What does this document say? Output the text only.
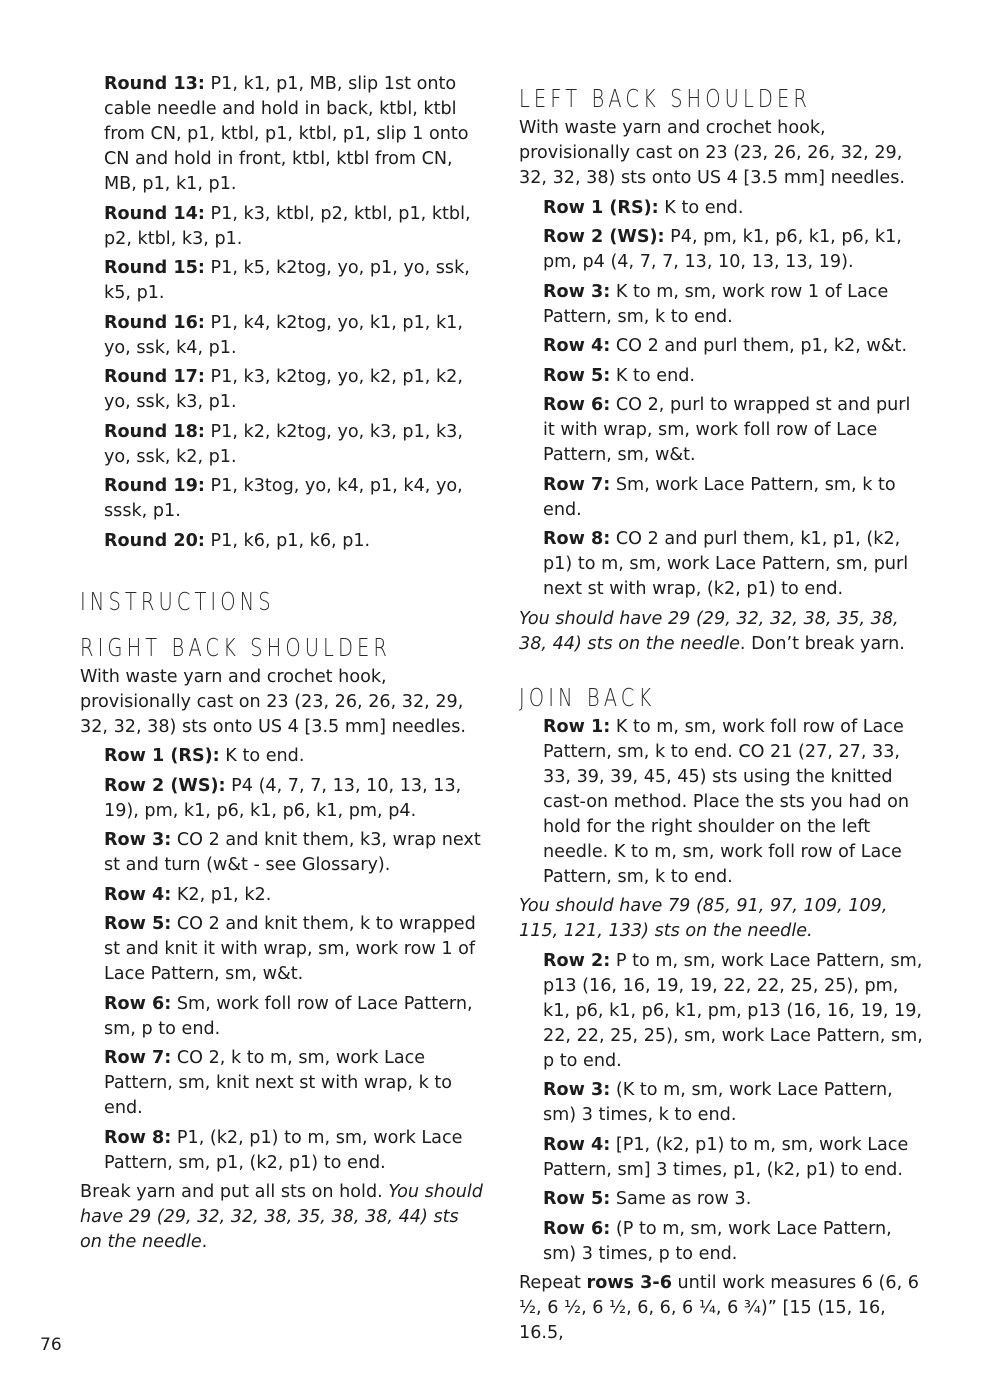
Round 13: P1, k1, p1, MB, slip 1st onto cable needle and hold in back, ktbl, ktbl from CN, p1, ktbl, p1, ktbl, p1, slip 1 onto CN and hold in front, ktbl, ktbl from CN, MB, p1, k1, p1.
Round 14: P1, k3, ktbl, p2, ktbl, p1, ktbl, p2, ktbl, k3, p1.
Round 15: P1, k5, k2tog, yo, p1, yo, ssk, k5, p1.
Round 16: P1, k4, k2tog, yo, k1, p1, k1, yo, ssk, k4, p1.
Round 17: P1, k3, k2tog, yo, k2, p1, k2, yo, ssk, k3, p1.
Round 18: P1, k2, k2tog, yo, k3, p1, k3, yo, ssk, k2, p1.
Round 19: P1, k3tog, yo, k4, p1, k4, yo, sssk, p1.
Round 20: P1, k6, p1, k6, p1.
INSTRUCTIONS
RIGHT BACK SHOULDER
With waste yarn and crochet hook, provisionally cast on 23 (23, 26, 26, 32, 29, 32, 32, 38) sts onto US 4 [3.5 mm] needles.
Row 1 (RS): K to end.
Row 2 (WS): P4 (4, 7, 7, 13, 10, 13, 13, 19), pm, k1, p6, k1, p6, k1, pm, p4.
Row 3: CO 2 and knit them, k3, wrap next st and turn (w&t - see Glossary).
Row 4: K2, p1, k2.
Row 5: CO 2 and knit them, k to wrapped st and knit it with wrap, sm, work row 1 of Lace Pattern, sm, w&t.
Row 6: Sm, work foll row of Lace Pattern, sm, p to end.
Row 7: CO 2, k to m, sm, work Lace Pattern, sm, knit next st with wrap, k to end.
Row 8: P1, (k2, p1) to m, sm, work Lace Pattern, sm, p1, (k2, p1) to end.
Break yarn and put all sts on hold. You should have 29 (29, 32, 32, 38, 35, 38, 38, 44) sts on the needle.
LEFT BACK SHOULDER
With waste yarn and crochet hook, provisionally cast on 23 (23, 26, 26, 32, 29, 32, 32, 38) sts onto US 4 [3.5 mm] needles.
Row 1 (RS): K to end.
Row 2 (WS): P4, pm, k1, p6, k1, p6, k1, pm, p4 (4, 7, 7, 13, 10, 13, 13, 19).
Row 3: K to m, sm, work row 1 of Lace Pattern, sm, k to end.
Row 4: CO 2 and purl them, p1, k2, w&t.
Row 5: K to end.
Row 6: CO 2, purl to wrapped st and purl it with wrap, sm, work foll row of Lace Pattern, sm, w&t.
Row 7: Sm, work Lace Pattern, sm, k to end.
Row 8: CO 2 and purl them, k1, p1, (k2, p1) to m, sm, work Lace Pattern, sm, purl next st with wrap, (k2, p1) to end.
You should have 29 (29, 32, 32, 38, 35, 38, 38, 44) sts on the needle. Don’t break yarn.
JOIN BACK
Row 1: K to m, sm, work foll row of Lace Pattern, sm, k to end. CO 21 (27, 27, 33, 33, 39, 39, 45, 45) sts using the knitted cast-on method. Place the sts you had on hold for the right shoulder on the left needle. K to m, sm, work foll row of Lace Pattern, sm, k to end.
You should have 79 (85, 91, 97, 109, 109, 115, 121, 133) sts on the needle.
Row 2: P to m, sm, work Lace Pattern, sm, p13 (16, 16, 19, 19, 22, 22, 25, 25), pm, k1, p6, k1, p6, k1, pm, p13 (16, 16, 19, 19, 22, 22, 25, 25), sm, work Lace Pattern, sm, p to end.
Row 3: (K to m, sm, work Lace Pattern, sm) 3 times, k to end.
Row 4: [P1, (k2, p1) to m, sm, work Lace Pattern, sm] 3 times, p1, (k2, p1) to end.
Row 5: Same as row 3.
Row 6: (P to m, sm, work Lace Pattern, sm) 3 times, p to end.
Repeat rows 3-6 until work measures 6 (6, 6 ½, 6 ½, 6 ½, 6, 6, 6 ¼, 6 ¾)” [15 (15, 16, 16.5,
76
